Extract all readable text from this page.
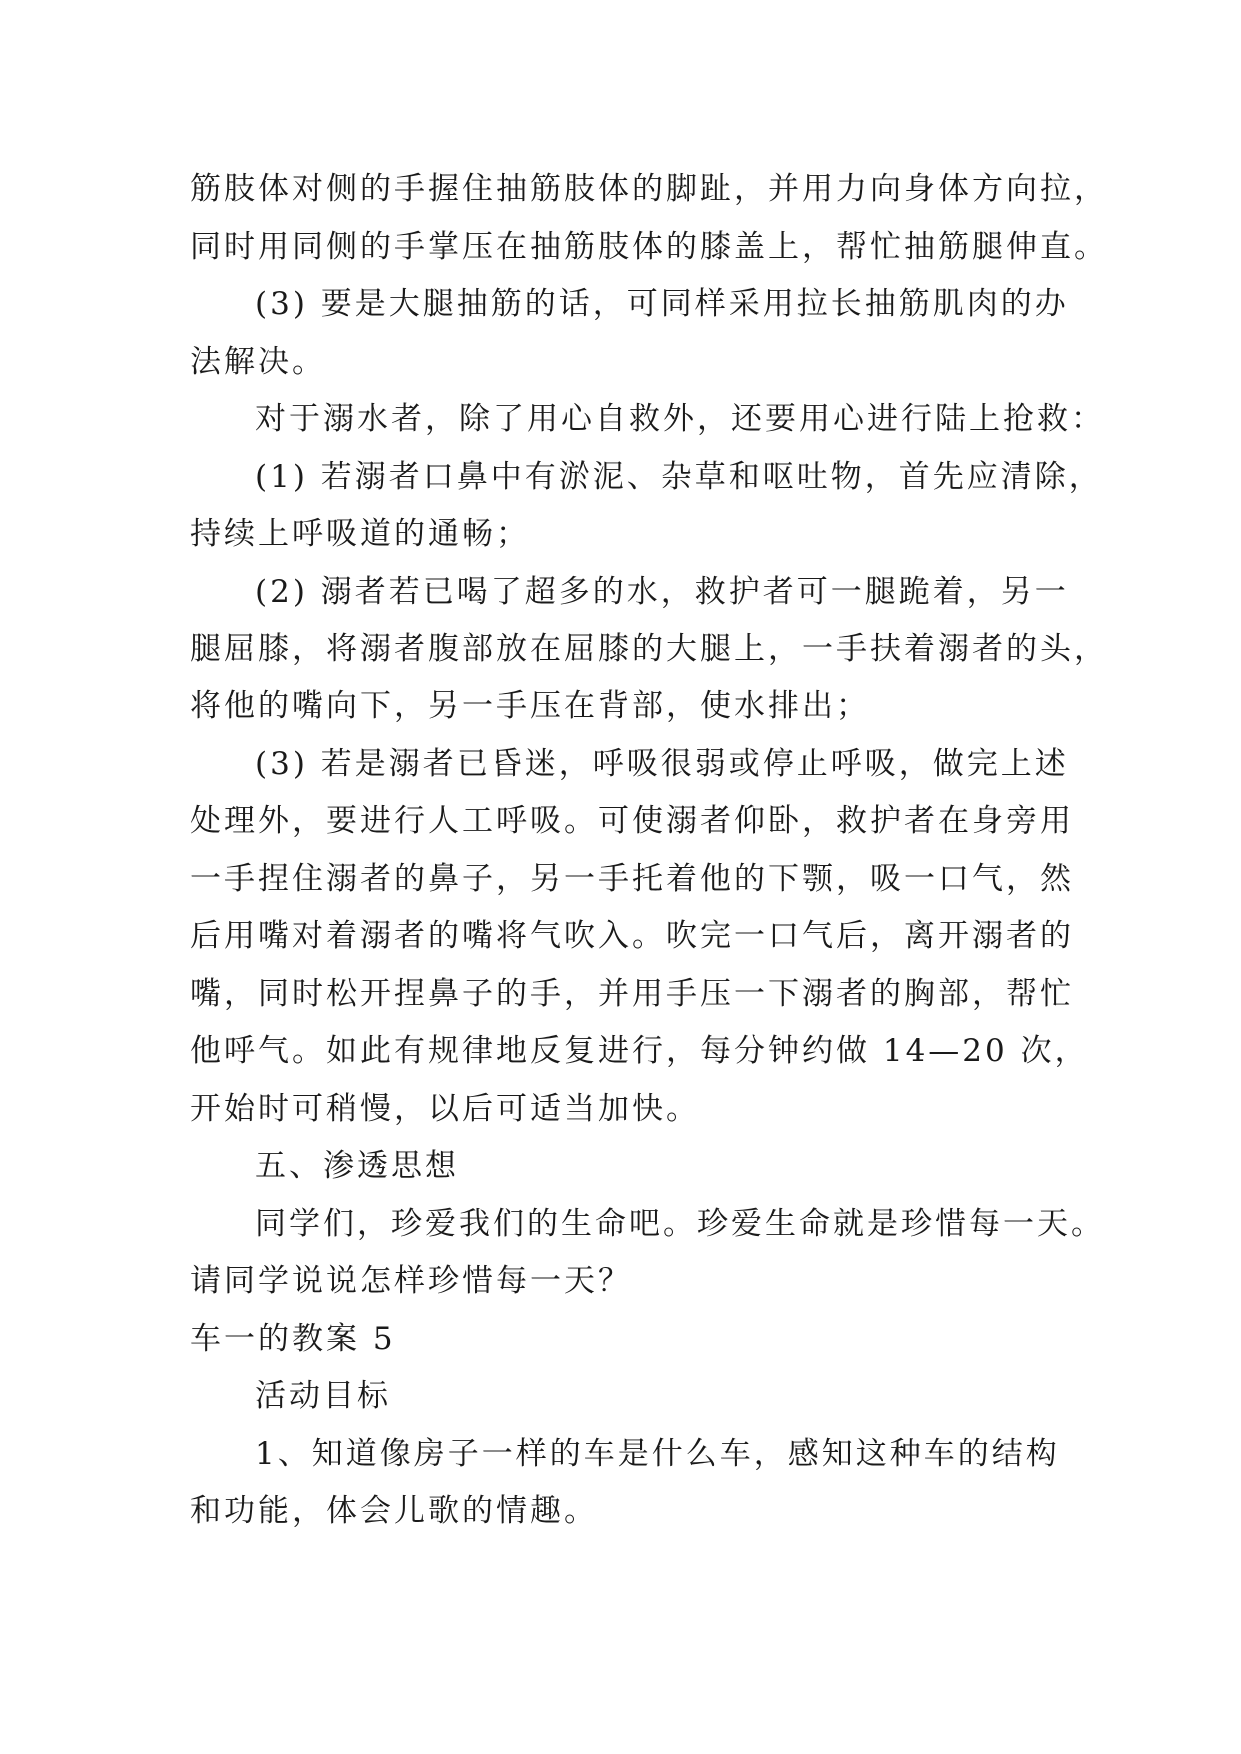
筋肢体对侧的手握住抽筋肢体的脚趾，并用力向身体方向拉，
同时用同侧的手掌压在抽筋肢体的膝盖上，帮忙抽筋腿伸直。
(3) 要是大腿抽筋的话，可同样采用拉长抽筋肌肉的办
法解决。
对于溺水者，除了用心自救外，还要用心进行陆上抢救：
(1) 若溺者口鼻中有淤泥、杂草和呕吐物，首先应清除，
持续上呼吸道的通畅；
(2) 溺者若已喝了超多的水，救护者可一腿跪着，另一
腿屈膝，将溺者腹部放在屈膝的大腿上，一手扶着溺者的头，
将他的嘴向下，另一手压在背部，使水排出；
(3) 若是溺者已昏迷，呼吸很弱或停止呼吸，做完上述
处理外，要进行人工呼吸。可使溺者仰卧，救护者在身旁用
一手捏住溺者的鼻子，另一手托着他的下颚，吸一口气，然
后用嘴对着溺者的嘴将气吹入。吹完一口气后，离开溺者的
嘴，同时松开捏鼻子的手，并用手压一下溺者的胸部，帮忙
他呼气。如此有规律地反复进行，每分钟约做 14—20 次，
开始时可稍慢，以后可适当加快。
五、渗透思想
同学们，珍爱我们的生命吧。珍爱生命就是珍惜每一天。
请同学说说怎样珍惜每一天？
车一的教案 5
活动目标
1、知道像房子一样的车是什么车，感知这种车的结构
和功能，体会儿歌的情趣。
